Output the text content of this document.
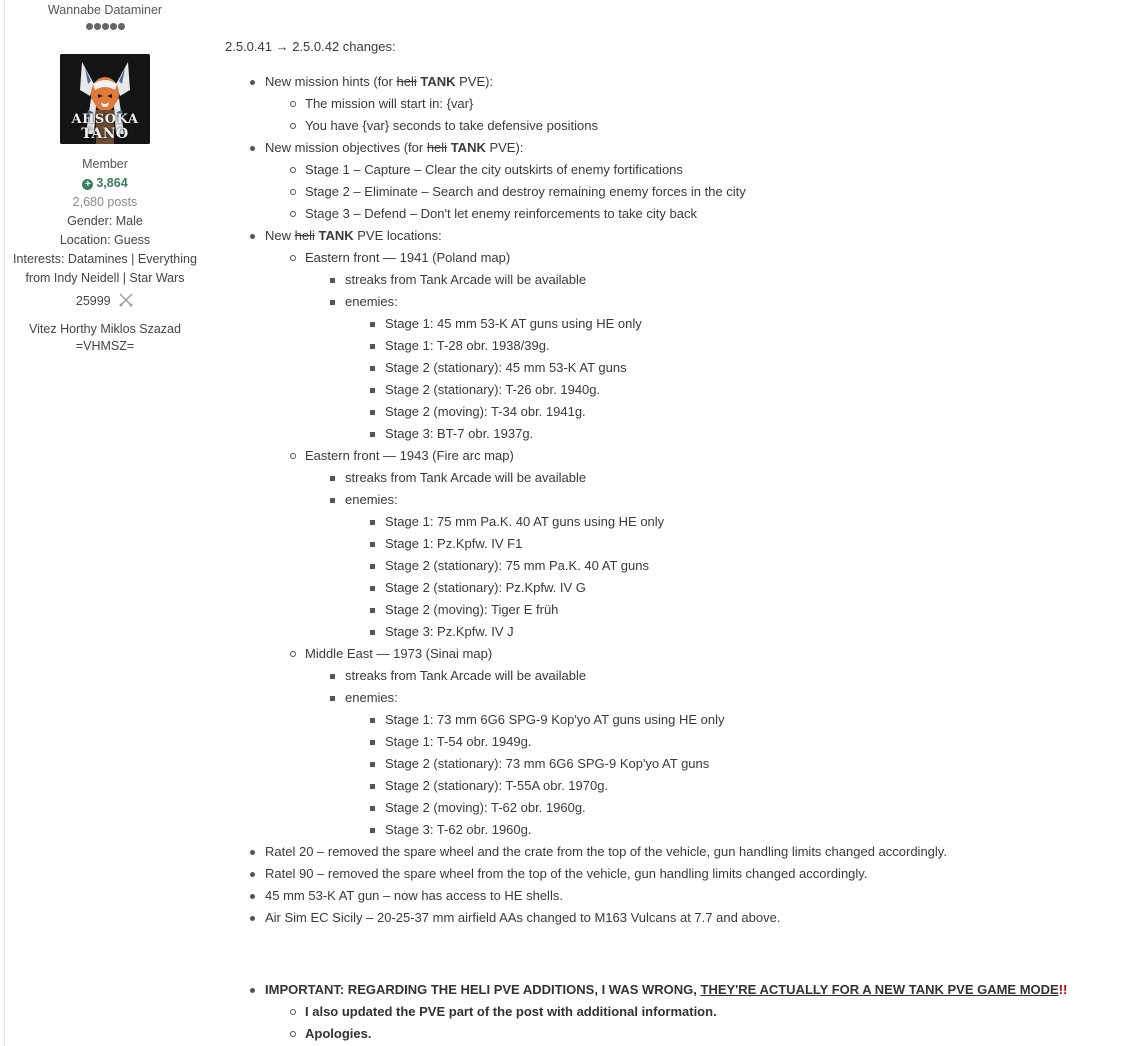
Wannabe Dataminer
AHSOKA
TANO
Member
+ 3,864
2,680 posts

Gender: Male

Location: Guess

Interests: Datamines | Everything from Indy Neidell | Star Wars

25999
Vitez Horthy Miklos Szazad =VHMSZ=
2.5.0.41 → 2.5.0.42 changes:
New mission hints (for heli TANK PVE):
The mission will start in: {var}
You have {var} seconds to take defensive positions
New mission objectives (for heli TANK PVE):
Stage 1 – Capture – Clear the city outskirts of enemy fortifications
Stage 2 – Eliminate – Search and destroy remaining enemy forces in the city
Stage 3 – Defend – Don't let enemy reinforcements to take city back
New heli TANK PVE locations:
Eastern front — 1941 (Poland map)
streaks from Tank Arcade will be available
enemies:
Stage 1: 45 mm 53-K AT guns using HE only
Stage 1: T-28 obr. 1938/39g.
Stage 2 (stationary): 45 mm 53-K AT guns
Stage 2 (stationary): T-26 obr. 1940g.
Stage 2 (moving): T-34 obr. 1941g.
Stage 3: BT-7 obr. 1937g.
Eastern front — 1943 (Fire arc map)
streaks from Tank Arcade will be available
enemies:
Stage 1: 75 mm Pa.K. 40 AT guns using HE only
Stage 1: Pz.Kpfw. IV F1
Stage 2 (stationary): 75 mm Pa.K. 40 AT guns
Stage 2 (stationary): Pz.Kpfw. IV G
Stage 2 (moving): Tiger E früh
Stage 3: Pz.Kpfw. IV J
Middle East — 1973 (Sinai map)
streaks from Tank Arcade will be available
enemies:
Stage 1: 73 mm 6G6 SPG-9 Kop'yo AT guns using HE only
Stage 1: T-54 obr. 1949g.
Stage 2 (stationary): 73 mm 6G6 SPG-9 Kop'yo AT guns
Stage 2 (stationary): T-55A obr. 1970g.
Stage 2 (moving): T-62 obr. 1960g.
Stage 3: T-62 obr. 1960g.
Ratel 20 – removed the spare wheel and the crate from the top of the vehicle, gun handling limits changed accordingly.
Ratel 90 – removed the spare wheel from the top of the vehicle, gun handling limits changed accordingly.
45 mm 53-K AT gun – now has access to HE shells.
Air Sim EC Sicily – 20-25-37 mm airfield AAs changed to M163 Vulcans at 7.7 and above.
IMPORTANT: REGARDING THE HELI PVE ADDITIONS, I WAS WRONG, THEY'RE ACTUALLY FOR A NEW TANK PVE GAME MODE!!
I also updated the PVE part of the post with additional information.
Apologies.
